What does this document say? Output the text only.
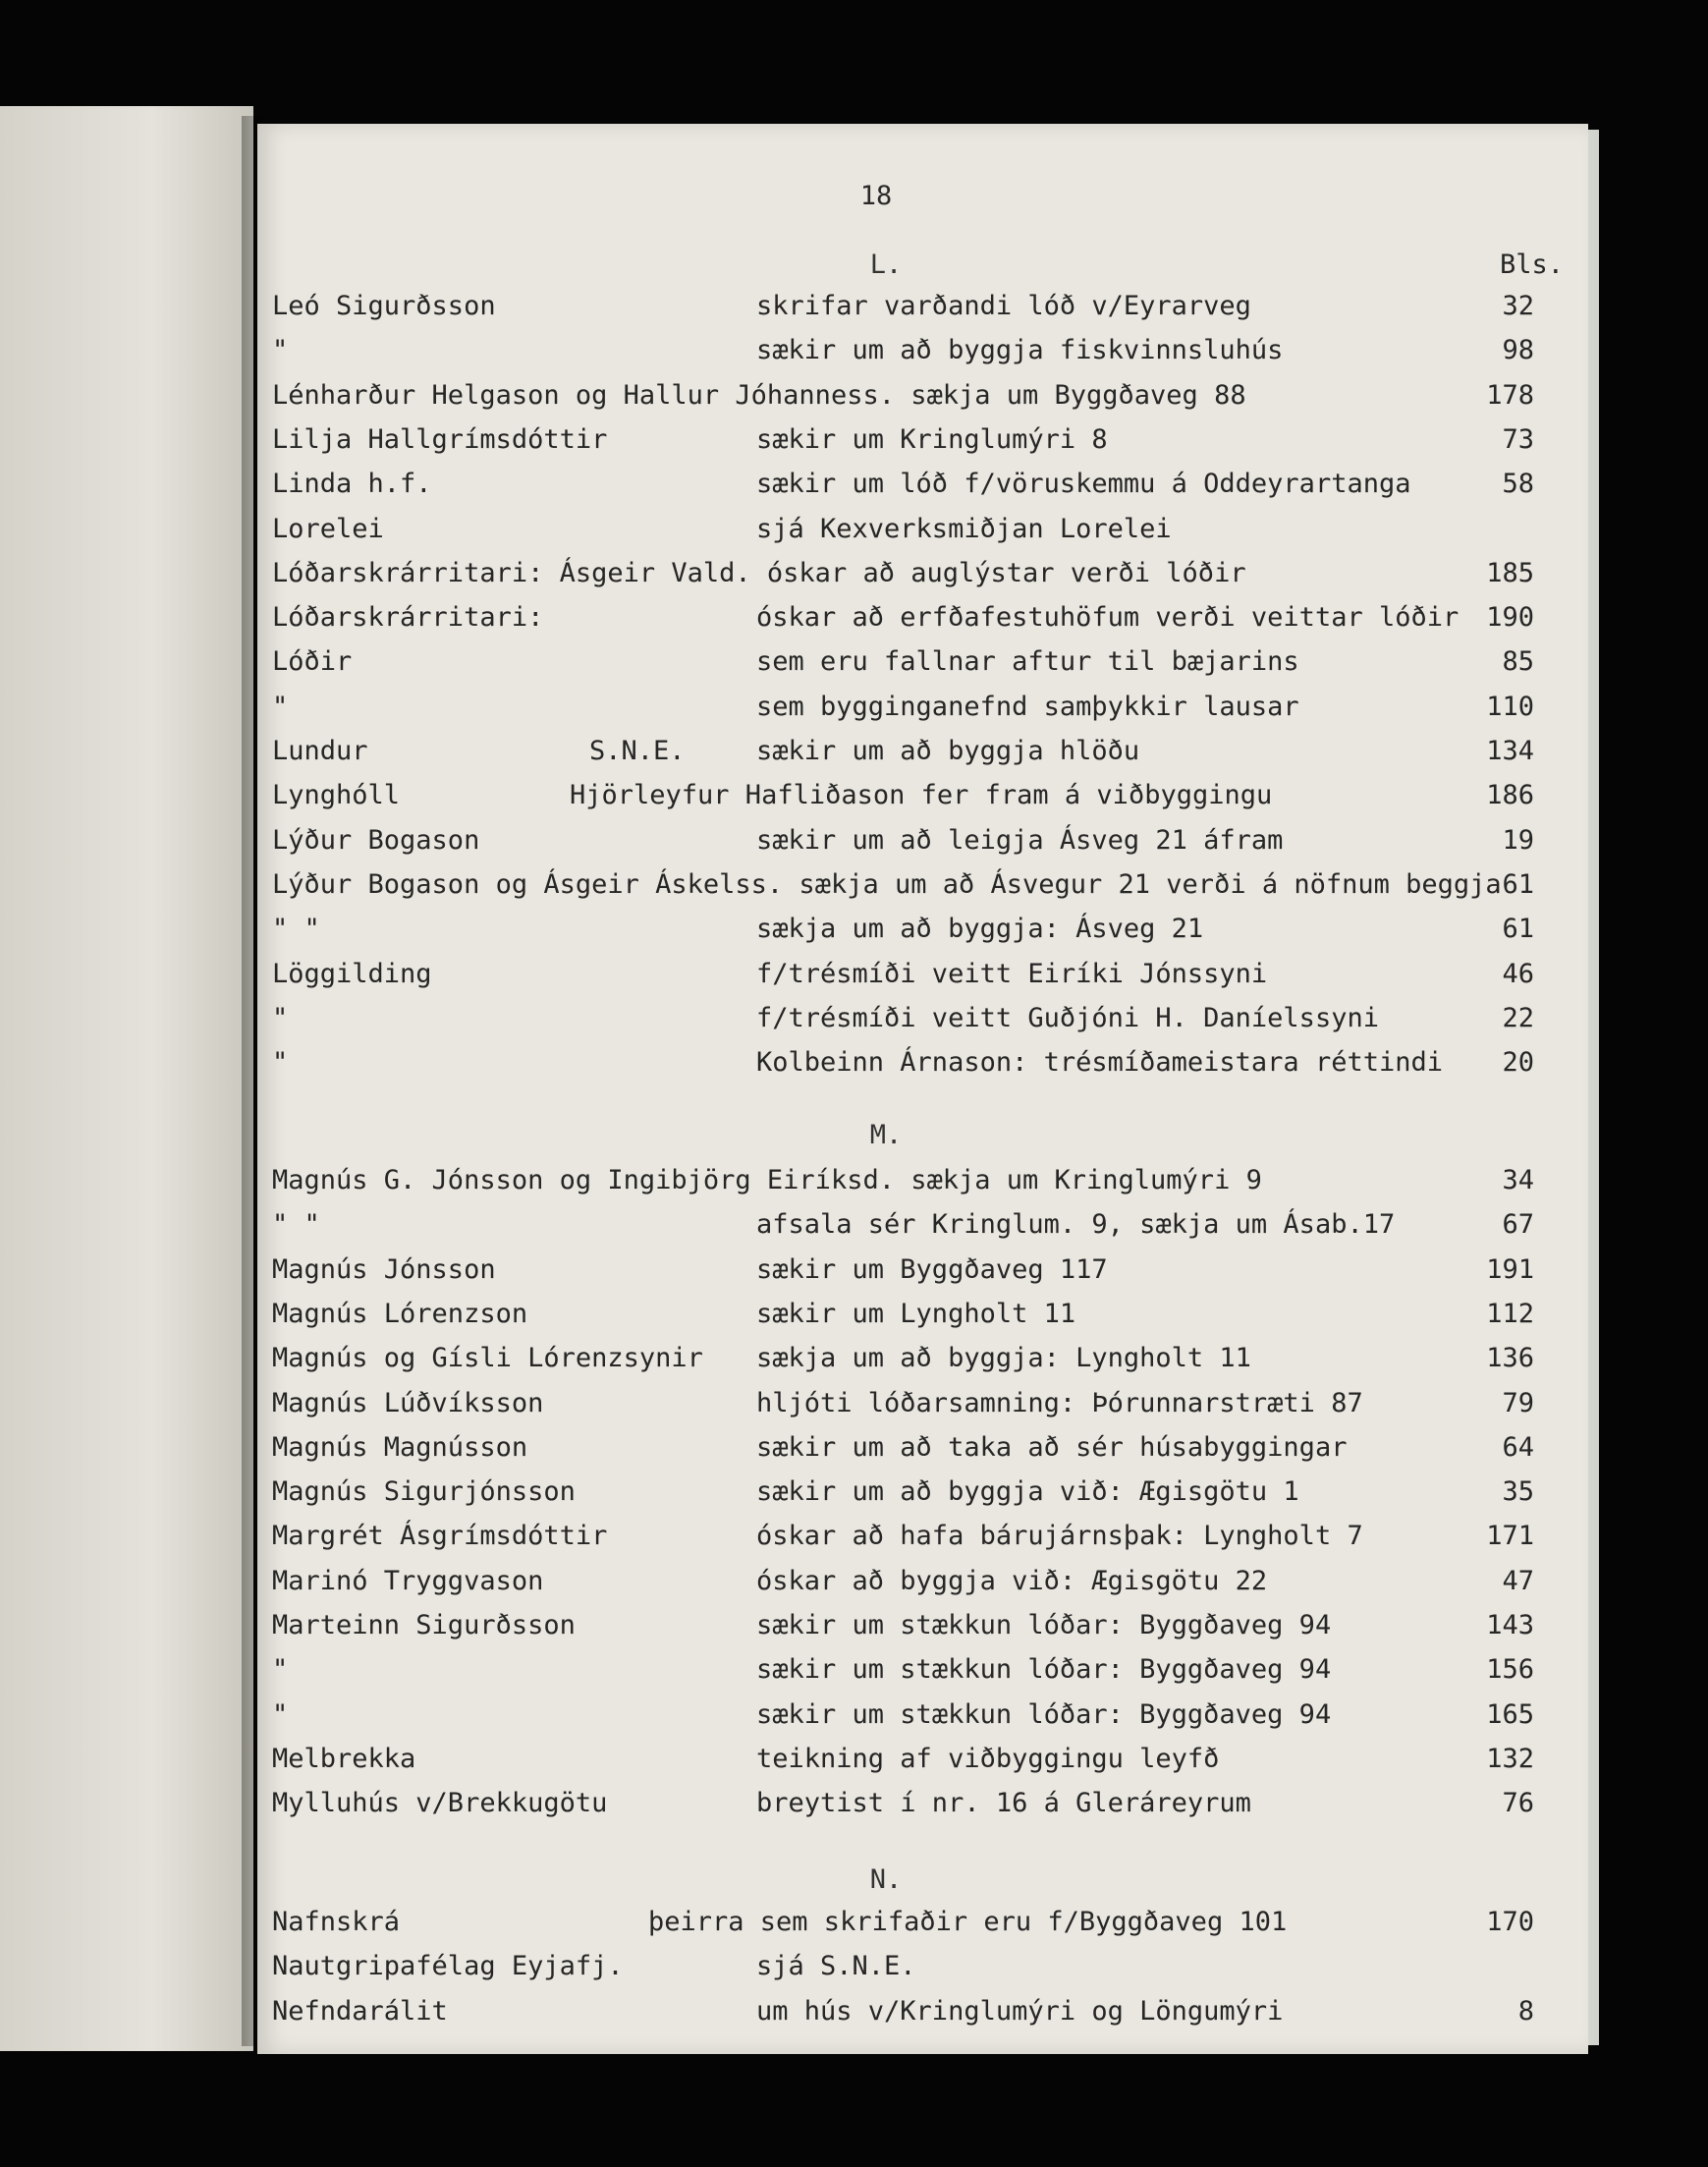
18
Bls.
L.
Leó Sigurðsson	skrifar varðandi lóð v/Eyrarveg	32
"	sækir um að byggja fiskvinnsluhús	98
Lénharður Helgason og Hallur Jóhanness. sækja um Byggðaveg 88	178
Lilja Hallgrímsdóttir	sækir um Kringlumýri 8	73
Linda h.f.	sækir um lóð f/vöruskemmu á Oddeyrartanga	58
Lorelei	sjá Kexverksmiðjan Lorelei
Lóðarskrárritari: Ásgeir Vald. óskar að auglýstar verði lóðir	185
Lóðarskrárritari:	óskar að erfðafestuhöfum verði veittar lóðir	190
Lóðir	sem eru fallnar aftur til bæjarins	85
"	sem bygginganefnd samþykkir lausar	110
Lundur	S.N.E.	sækir um að byggja hlöðu	134
Lynghóll	Hjörleyfur Hafliðason fer fram á viðbyggingu	186
Lýður Bogason	sækir um að leigja Ásveg 21 áfram	19
Lýður Bogason og Ásgeir Áskelss. sækja um að Ásvegur 21 verði á nöfnum beggja 61
" "	sækja um að byggja: Ásveg 21	61
Löggilding	f/trésmíði veitt Eiríki Jónssyni	46
"	f/trésmíði veitt Guðjóni H. Daníelssyni	22
"	Kolbeinn Árnason: trésmíðameistara réttindi	20
M.
Magnús G. Jónsson og Ingibjörg Eiríksd. sækja um Kringlumýri 9	34
" "	afsala sér Kringlum. 9, sækja um Ásab.17	67
Magnús Jónsson	sækir um Byggðaveg 117	191
Magnús Lórenzson	sækir um Lyngholt 11	112
Magnús og Gísli Lórenzsynir sækja um að byggja: Lyngholt 11	136
Magnús Lúðvíksson	hljóti lóðarsamning: Þórunnarstræti 87	79
Magnús Magnússon	sækir um að taka að sér húsabyggingar	64
Magnús Sigurjónsson	sækir um að byggja við: Ægisgötu 1	35
Margrét Ásgrímsdóttir	óskar að hafa bárujárnsþak: Lyngholt 7	171
Marinó Tryggvason	óskar að byggja við: Ægisgötu 22	47
Marteinn Sigurðsson	sækir um stækkun lóðar: Byggðaveg 94	143
"	sækir um stækkun lóðar: Byggðaveg 94	156
"	sækir um stækkun lóðar: Byggðaveg 94	165
Melbrekka	teikning af viðbyggingu leyfð	132
Mylluhús v/Brekkugötu	breytist í nr. 16 á Gleráreyrum	76
N.
Nafnskrá	þeirra sem skrifaðir eru f/Byggðaveg 101	170
Nautgripafélag Eyjafj.	sjá S.N.E.
Nefndarálit	um hús v/Kringlumýri og Löngumýri	8
